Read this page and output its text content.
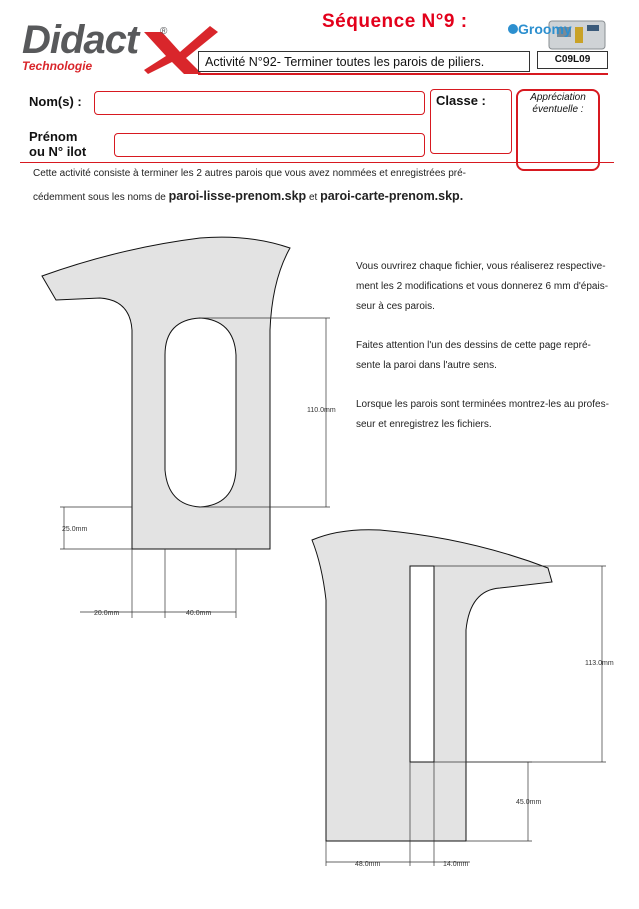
Didact ®
Technologie
Séquence N°9 :	Groomy
Activité N°92- Terminer toutes les parois de piliers.	C09L09
Nom(s) :
Prénom
ou N° ilot
Classe :	Appréciation
éventuelle :
Cette activité consiste à terminer les 2 autres parois que vous avez nommées et enregistrées pré-
cédemment sous les noms de paroi-lisse-prenom.skp et paroi-carte-prenom.skp.
Vous ouvrirez chaque fichier, vous réaliserez respective-
ment les 2 modifications et vous donnerez 6 mm d'épais-
seur à ces parois.
Faites attention l'un des dessins de cette page repré-
sente la paroi dans l'autre sens.
Lorsque les parois sont terminées montrez-les au profes-
seur et enregistrez les fichiers.
110.0mm
25.0mm
20.0mm	40.0mm
113.0mm
45.0mm
48.0mm	14.0mm
